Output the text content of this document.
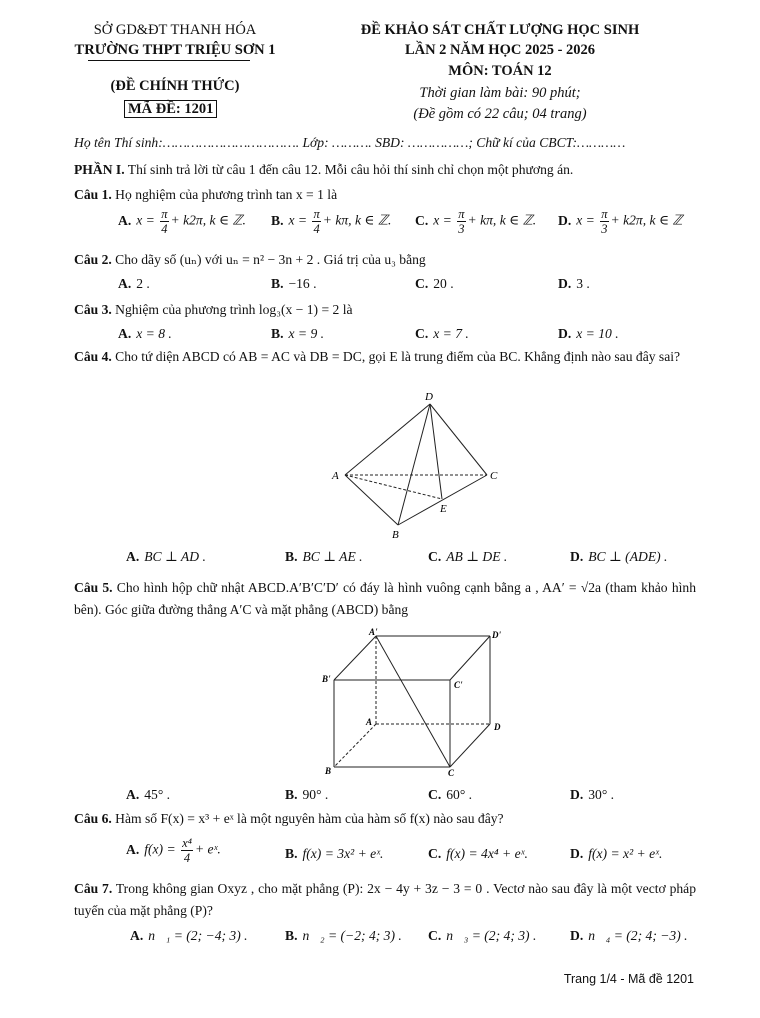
SỞ GD&ĐT THANH HÓA
TRƯỜNG THPT TRIỆU SƠN 1
(ĐỀ CHÍNH THỨC)
MÃ ĐỀ: 1201
ĐỀ KHẢO SÁT CHẤT LƯỢNG HỌC SINH
LẦN 2 NĂM HỌC 2025 - 2026
MÔN: TOÁN 12
Thời gian làm bài: 90 phút;
(Đề gồm có 22 câu; 04 trang)
Họ tên Thí sinh:……………………………. Lớp: ………. SBD: ……………; Chữ kí của CBCT:…………
PHẦN I. Thí sinh trả lời từ câu 1 đến câu 12. Mỗi câu hỏi thí sinh chỉ chọn một phương án.
Câu 1. Họ nghiệm của phương trình tan x = 1 là
A. $x = \frac{\pi}{4} + k2\pi$, k ∈ ℤ. B. $x = \frac{\pi}{4} + k\pi$, k ∈ ℤ. C. $x = \frac{\pi}{3} + k\pi$, k ∈ ℤ. D. $x = \frac{\pi}{3} + k2\pi$, k ∈ ℤ
Câu 2. Cho dãy số (uₙ) với uₙ = n² − 3n + 2 . Giá trị của u₃ bằng
A. 2 .	B. −16 .	C. 20 .	D. 3 .
Câu 3. Nghiệm của phương trình log₃(x − 1) = 2 là
A. x = 8 .	B. x = 9 .	C. x = 7 .	D. x = 10 .
Câu 4. Cho tứ diện ABCD có AB = AC và DB = DC, gọi E là trung điểm của BC. Khẳng định nào sau đây sai?
D
A	C
E
B
A. BC ⊥ AD .	B. BC ⊥ AE .	C. AB ⊥ DE .	D. BC ⊥ (ADE) .
Câu 5. Cho hình hộp chữ nhật ABCD.A′B′C′D′ có đáy là hình vuông cạnh bằng a , AA′ = √2a (tham khảo hình bên). Góc giữa đường thẳng A′C và mặt phẳng (ABCD) bằng
A'	D'
B'
C'
A	D
B	C
A. 45° .	B. 90° .	C. 60° .	D. 30° .
Câu 6. Hàm số F(x) = x³ + eˣ là một nguyên hàm của hàm số f(x) nào sau đây?
A. $f(x) = \frac{\text{x⁴}}{4}$ + eˣ.	B. f(x) = 3x² + eˣ.	C. f(x) = 4x⁴ + eˣ.	D. f(x) = x² + eˣ.
Câu 7. Trong không gian Oxyz , cho mặt phẳng (P): 2x − 4y + 3z − 3 = 0 . Vectơ nào sau đây là một vectơ pháp tuyến của mặt phẳng (P)?
A. n⃗₁ = (2; −4; 3) .	B. n⃗₂ = (−2; 4; 3) . C. n⃗₃ = (2; 4; 3) . D. n⃗₄ = (2; 4; −3) .
Trang 1/4 - Mã đề 1201
